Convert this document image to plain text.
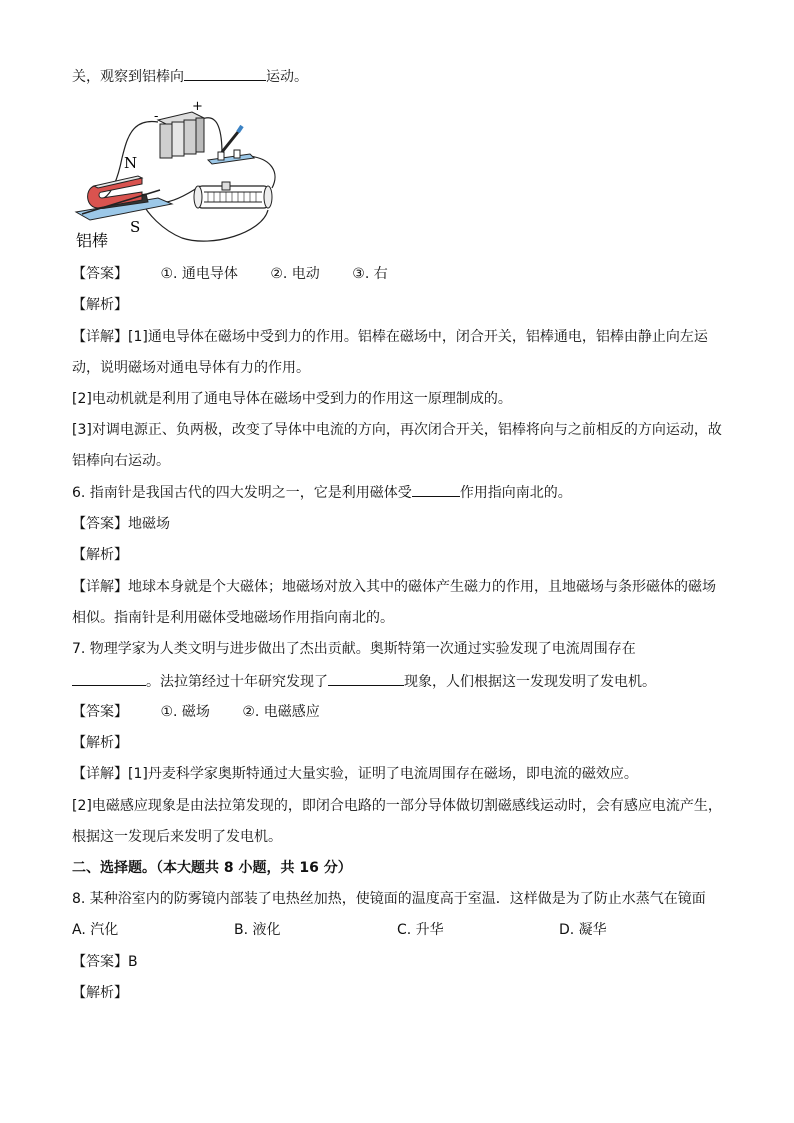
关，观察到铝棒向	运动。
+
-
N
S
铝棒
【答案】 ①. 通电导体 ②. 电动 ③. 右
【解析】
【详解】[1]通电导体在磁场中受到力的作用。铝棒在磁场中，闭合开关，铝棒通电，铝棒由静止向左运
动，说明磁场对通电导体有力的作用。
[2]电动机就是利用了通电导体在磁场中受到力的作用这一原理制成的。
[3]对调电源正、负两极，改变了导体中电流的方向，再次闭合开关，铝棒将向与之前相反的方向运动，故
铝棒向右运动。
6. 指南针是我国古代的四大发明之一，它是利用磁体受	作用指向南北的。
【答案】地磁场
【解析】
【详解】地球本身就是个大磁体；地磁场对放入其中的磁体产生磁力的作用，且地磁场与条形磁体的磁场
相似。指南针是利用磁体受地磁场作用指向南北的。
7. 物理学家为人类文明与进步做出了杰出贡献。奥斯特第一次通过实验发现了电流周围存在
。法拉第经过十年研究发现了	现象，人们根据这一发现发明了发电机。
【答案】 ①. 磁场 ②. 电磁感应
【解析】
【详解】[1]丹麦科学家奥斯特通过大量实验，证明了电流周围存在磁场，即电流的磁效应。
[2]电磁感应现象是由法拉第发现的，即闭合电路的一部分导体做切割磁感线运动时，会有感应电流产生，
根据这一发现后来发明了发电机。
二、选择题。（本大题共 8 小题，共 16 分）
8. 某种浴室内的防雾镜内部装了电热丝加热，使镜面的温度高于室温．这样做是为了防止水蒸气在镜面
A. 汽化	B. 液化	C. 升华	D. 凝华
【答案】B
【解析】
